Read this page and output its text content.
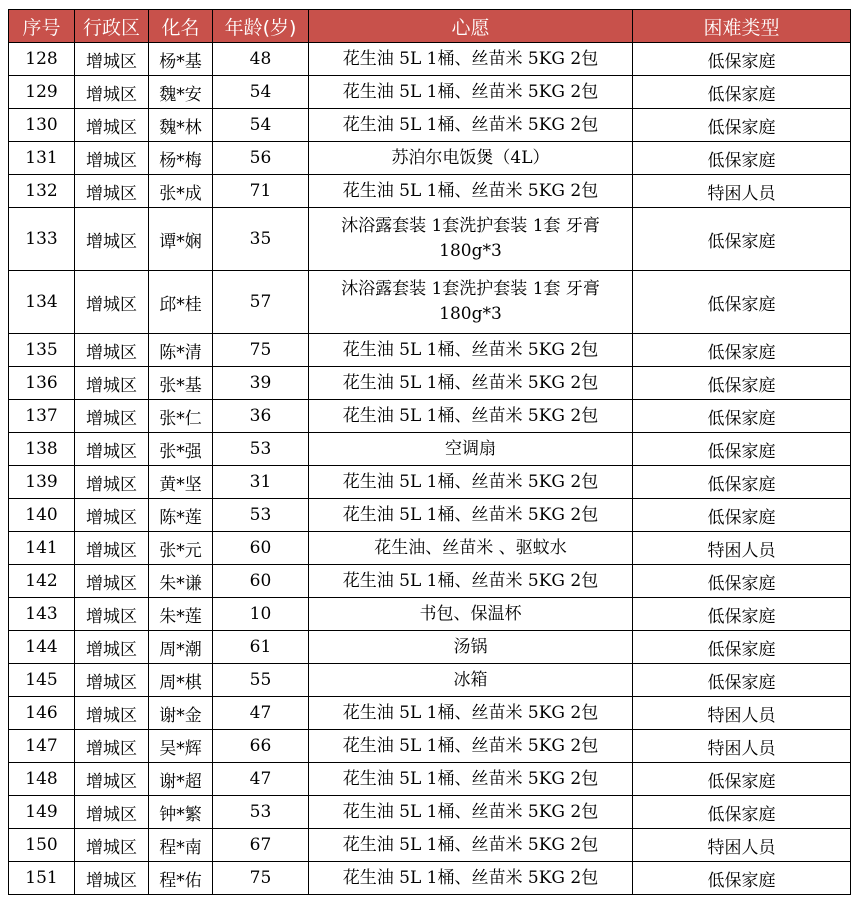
序号	行政区	化名	年龄(岁)	心愿	困难类型
128	增城区	杨*基	48	花生油 5L 1桶、丝苗米 5KG 2包	低保家庭
129	增城区	魏*安	54	花生油 5L 1桶、丝苗米 5KG 2包	低保家庭
130	增城区	魏*林	54	花生油 5L 1桶、丝苗米 5KG 2包	低保家庭
131	增城区	杨*梅	56	苏泊尔电饭煲（4L）	低保家庭
132	增城区	张*成	71	花生油 5L 1桶、丝苗米 5KG 2包	特困人员
133	增城区	谭*娴	35	沐浴露套装 1套洗护套装 1套 牙膏 180g*3	低保家庭
134	增城区	邱*桂	57	沐浴露套装 1套洗护套装 1套 牙膏 180g*3	低保家庭
135	增城区	陈*清	75	花生油 5L 1桶、丝苗米 5KG 2包	低保家庭
136	增城区	张*基	39	花生油 5L 1桶、丝苗米 5KG 2包	低保家庭
137	增城区	张*仁	36	花生油 5L 1桶、丝苗米 5KG 2包	低保家庭
138	增城区	张*强	53	空调扇	低保家庭
139	增城区	黄*坚	31	花生油 5L 1桶、丝苗米 5KG 2包	低保家庭
140	增城区	陈*莲	53	花生油 5L 1桶、丝苗米 5KG 2包	低保家庭
141	增城区	张*元	60	花生油、丝苗米 、驱蚊水	特困人员
142	增城区	朱*谦	60	花生油 5L 1桶、丝苗米 5KG 2包	低保家庭
143	增城区	朱*莲	10	书包、保温杯	低保家庭
144	增城区	周*潮	61	汤锅	低保家庭
145	增城区	周*棋	55	冰箱	低保家庭
146	增城区	谢*金	47	花生油 5L 1桶、丝苗米 5KG 2包	特困人员
147	增城区	吴*辉	66	花生油 5L 1桶、丝苗米 5KG 2包	特困人员
148	增城区	谢*超	47	花生油 5L 1桶、丝苗米 5KG 2包	低保家庭
149	增城区	钟*繁	53	花生油 5L 1桶、丝苗米 5KG 2包	低保家庭
150	增城区	程*南	67	花生油 5L 1桶、丝苗米 5KG 2包	特困人员
151	增城区	程*佑	75	花生油 5L 1桶、丝苗米 5KG 2包	低保家庭
